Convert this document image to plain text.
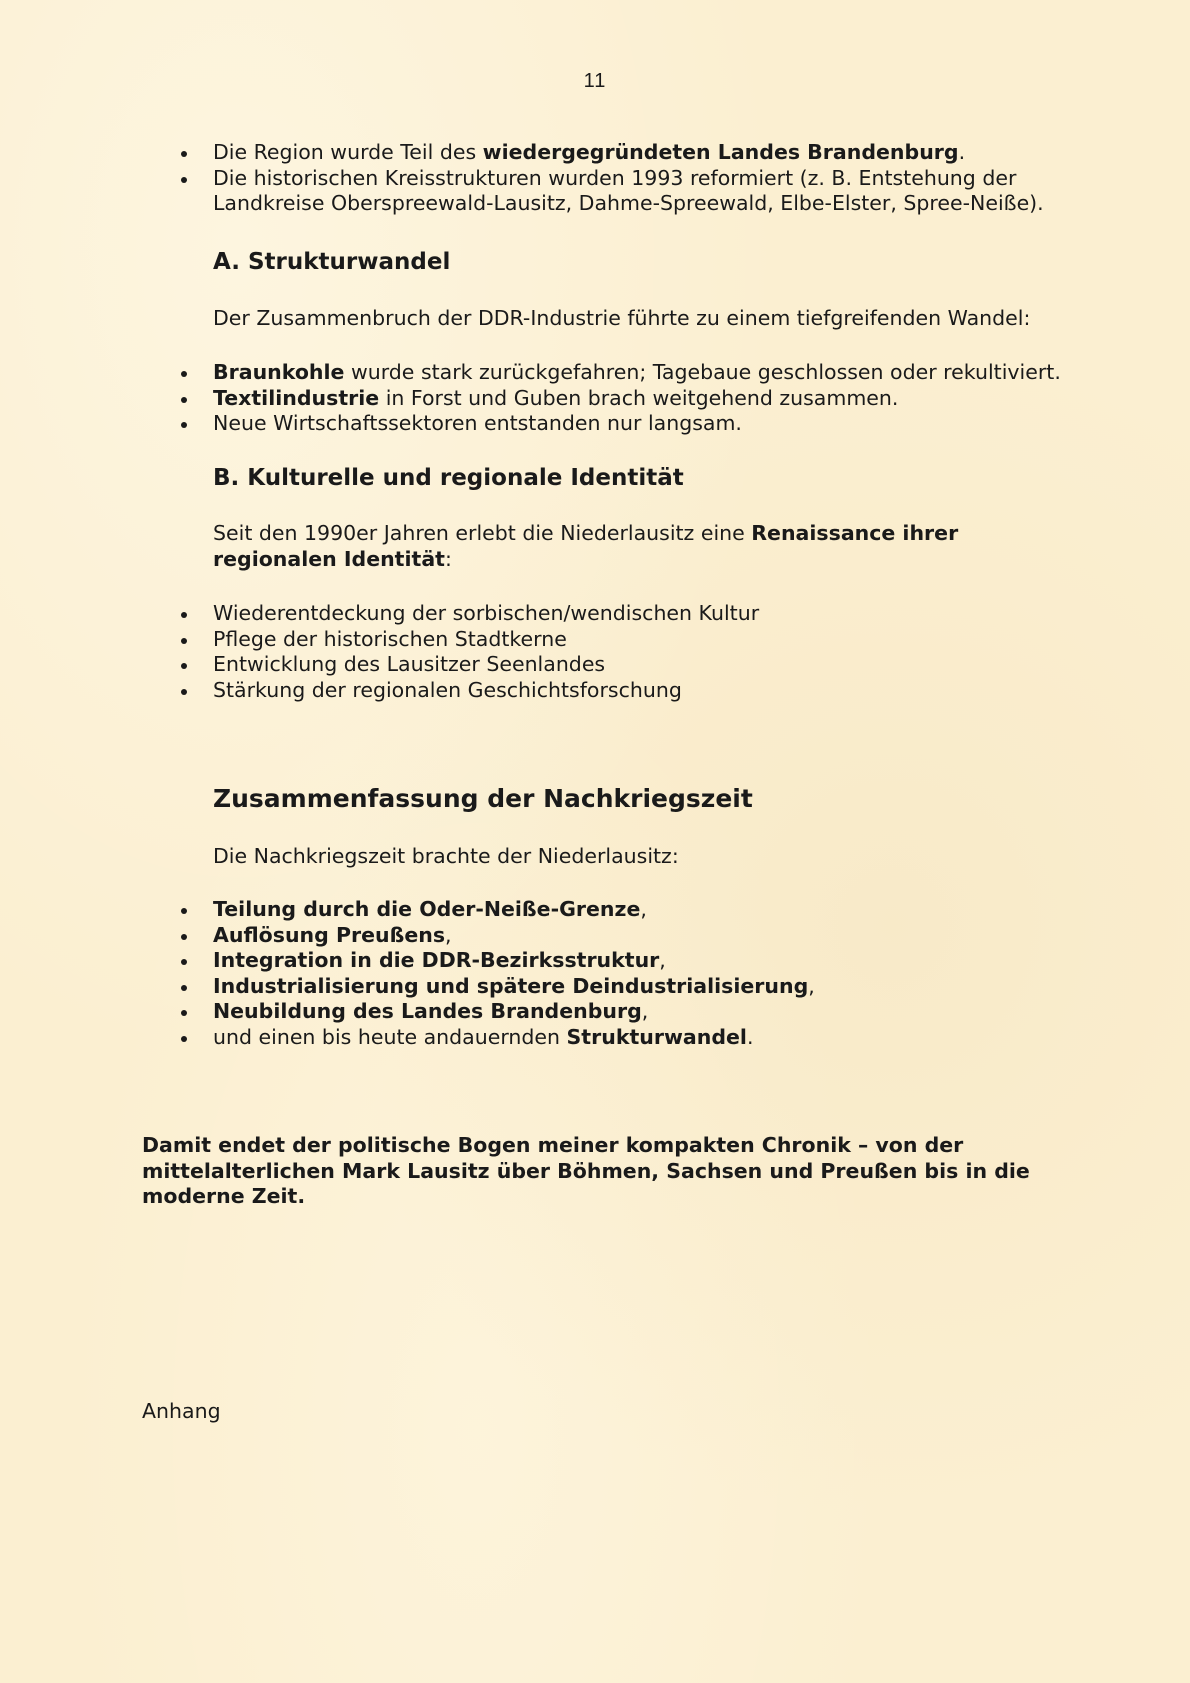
11
Die Region wurde Teil des wiedergegründeten Landes Brandenburg.
Die historischen Kreisstrukturen wurden 1993 reformiert (z. B. Entstehung der Landkreise Oberspreewald-Lausitz, Dahme-Spreewald, Elbe-Elster, Spree-Neiße).
A. Strukturwandel
Der Zusammenbruch der DDR-Industrie führte zu einem tiefgreifenden Wandel:
Braunkohle wurde stark zurückgefahren; Tagebaue geschlossen oder rekultiviert.
Textilindustrie in Forst und Guben brach weitgehend zusammen.
Neue Wirtschaftssektoren entstanden nur langsam.
B. Kulturelle und regionale Identität
Seit den 1990er Jahren erlebt die Niederlausitz eine Renaissance ihrer regionalen Identität:
Wiederentdeckung der sorbischen/wendischen Kultur
Pflege der historischen Stadtkerne
Entwicklung des Lausitzer Seenlandes
Stärkung der regionalen Geschichtsforschung
Zusammenfassung der Nachkriegszeit
Die Nachkriegszeit brachte der Niederlausitz:
Teilung durch die Oder-Neiße-Grenze,
Auflösung Preußens,
Integration in die DDR-Bezirksstruktur,
Industrialisierung und spätere Deindustrialisierung,
Neubildung des Landes Brandenburg,
und einen bis heute andauernden Strukturwandel.
Damit endet der politische Bogen meiner kompakten Chronik – von der mittelalterlichen Mark Lausitz über Böhmen, Sachsen und Preußen bis in die moderne Zeit.
Anhang
